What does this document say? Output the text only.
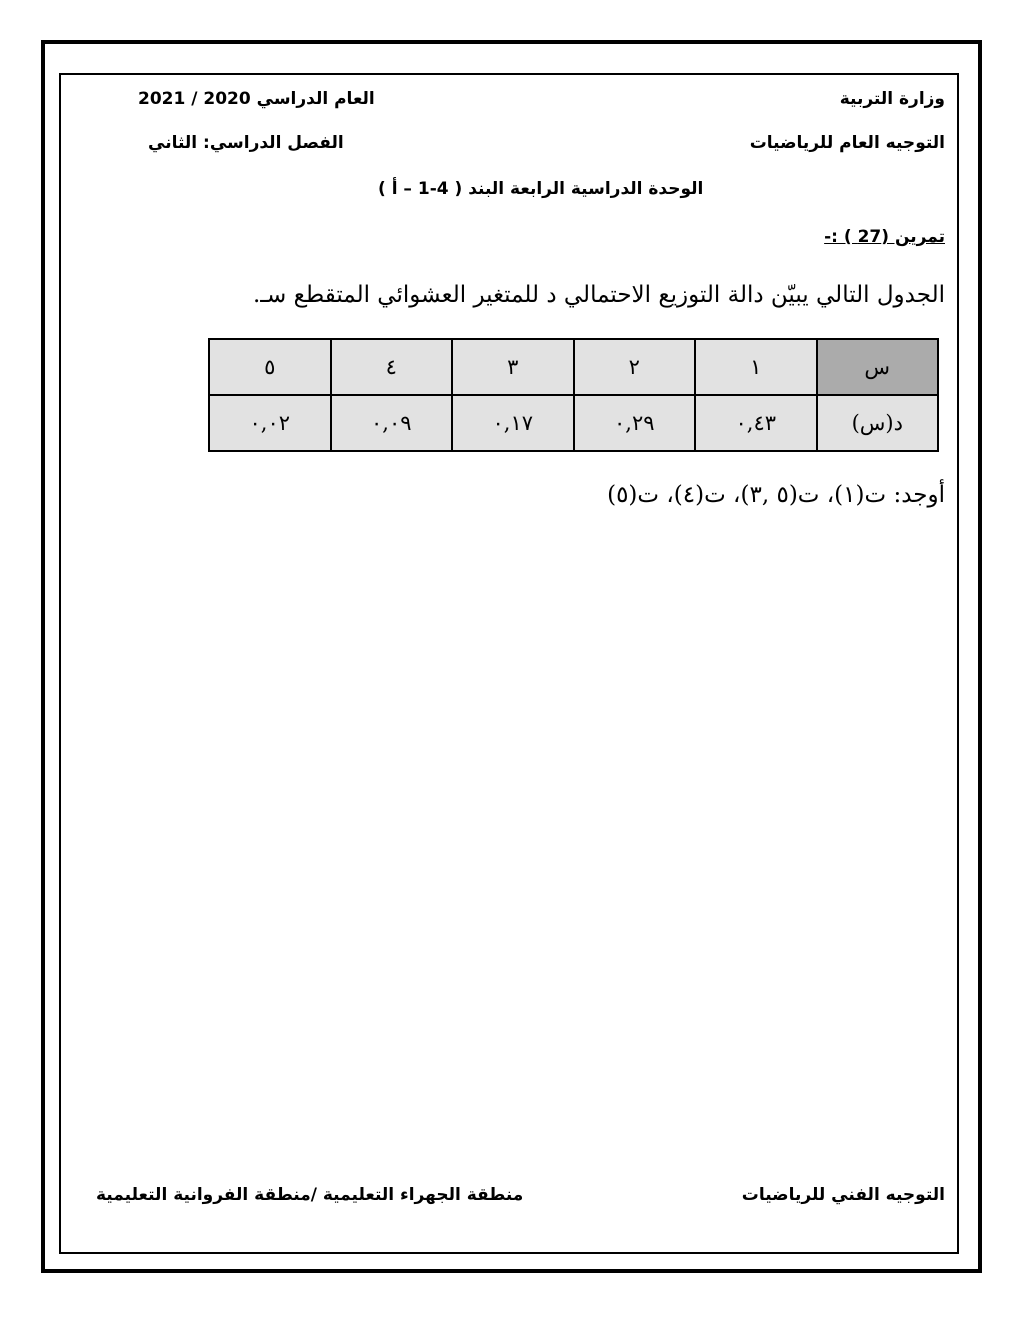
وزارة التربية
العام الدراسي 2020 / 2021
التوجيه العام للرياضيات
الفصل الدراسي: الثاني
الوحدة الدراسية الرابعة البند ( 4-1 – أ )
تمرين (27 ) :-
الجدول التالي يبيّن دالة التوزيع الاحتمالي د للمتغير العشوائي المتقطع سـ.
س	١	٢	٣	٤	٥
د(س)	٠,٤٣	٠,٢٩	٠,١٧	٠,٠٩	٠,٠٢
أوجد: ت(١)، ت(٥ ,٣)، ت(٤)، ت(٥)
التوجيه الفني للرياضيات
منطقة الجهراء التعليمية /منطقة الفروانية التعليمية
